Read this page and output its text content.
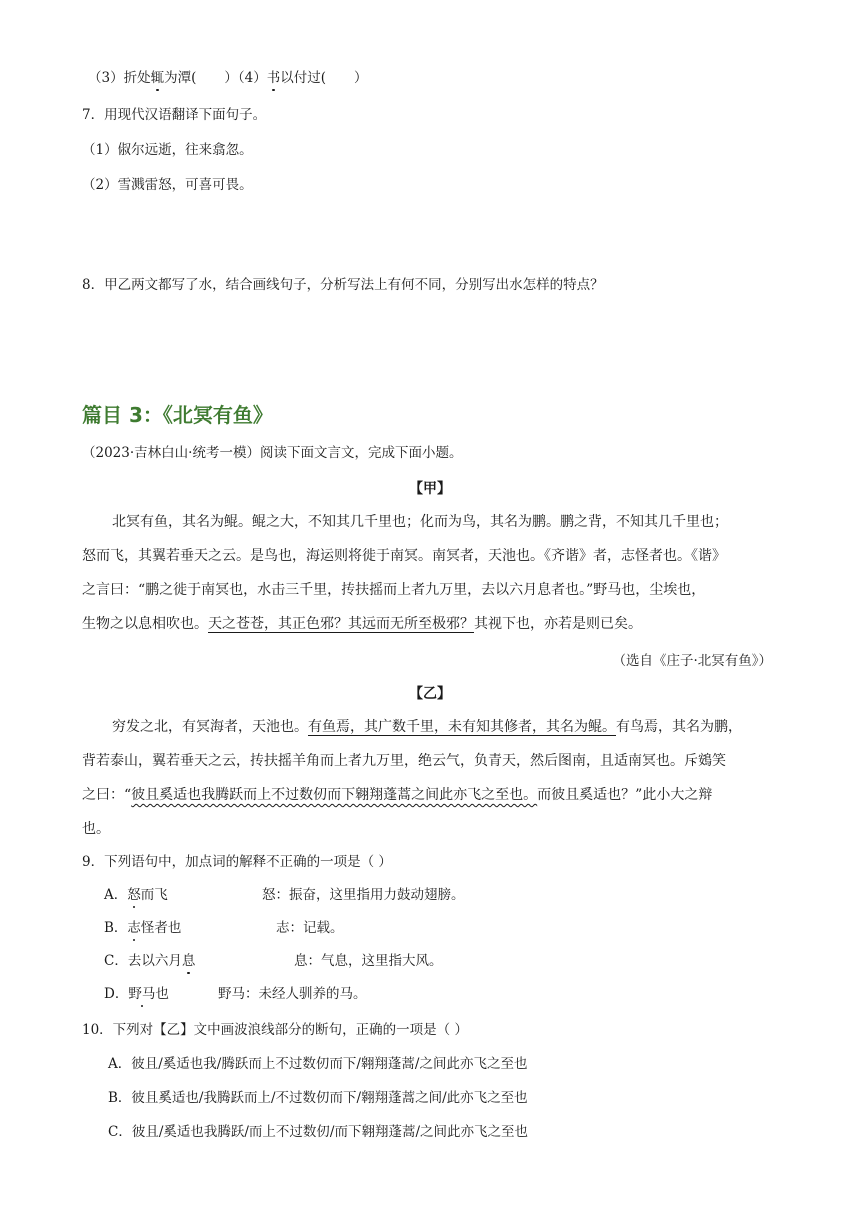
（3）折处辄为潭( ）（4）书以付过( ）
7．用现代汉语翻译下面句子。
（1）俶尔远逝，往来翕忽。
（2）雪溅雷怒，可喜可畏。
8．甲乙两文都写了水，结合画线句子，分析写法上有何不同，分别写出水怎样的特点？
篇目 3：《北冥有鱼》
（2023·吉林白山·统考一模）阅读下面文言文，完成下面小题。
【甲】
北冥有鱼，其名为鲲。鲲之大，不知其几千里也；化而为鸟，其名为鹏。鹏之背，不知其几千里也；
怒而飞，其翼若垂天之云。是鸟也，海运则将徙于南冥。南冥者，天池也。《齐谐》者，志怪者也。《谐》
之言曰：“鹏之徙于南冥也，水击三千里，抟扶摇而上者九万里，去以六月息者也。”野马也，尘埃也，
生物之以息相吹也。天之苍苍，其正色邪？其远而无所至极邪？其视下也，亦若是则已矣。
（选自《庄子·北冥有鱼》）
【乙】
穷发之北，有冥海者，天池也。有鱼焉，其广数千里，未有知其修者，其名为鲲。有鸟焉，其名为鹏，
背若泰山，翼若垂天之云，抟扶摇羊角而上者九万里，绝云气，负青天，然后图南，且适南冥也。斥鴳笑
之曰：“彼且奚适也我腾跃而上不过数仞而下翱翔蓬蒿之间此亦飞之至也。而彼且奚适也？”此小大之辩
也。
9．下列语句中，加点词的解释不正确的一项是（ ）
A．怒而飞	怒：振奋，这里指用力鼓动翅膀。
B．志怪者也	志：记载。
C．去以六月息	息：气息，这里指大风。
D．野马也	野马：未经人驯养的马。
10．下列对【乙】文中画波浪线部分的断句，正确的一项是（ ）
A．彼且/奚适也我/腾跃而上不过数仞而下/翱翔蓬蒿/之间此亦飞之至也
B．彼且奚适也/我腾跃而上/不过数仞而下/翱翔蓬蒿之间/此亦飞之至也
C．彼且/奚适也我腾跃/而上不过数仞/而下翱翔蓬蒿/之间此亦飞之至也
